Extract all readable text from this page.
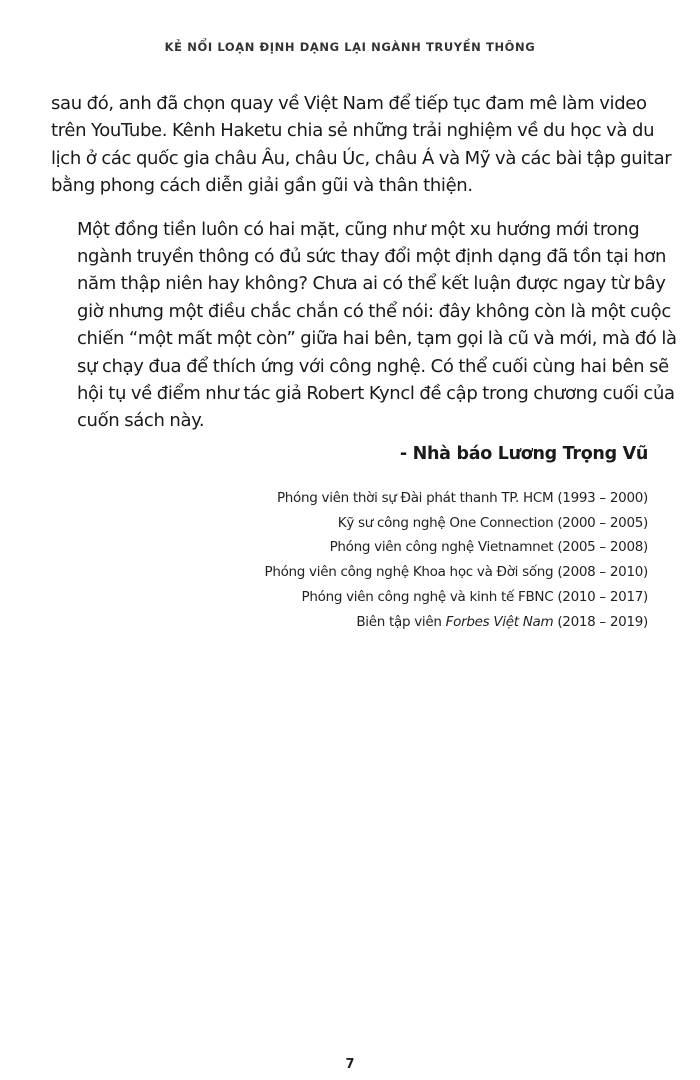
KẺ NỔI LOẠN ĐỊNH DẠNG LẠI NGÀNH TRUYỀN THÔNG

sau đó, anh đã chọn quay về Việt Nam để tiếp tục đam mê làm video
trên YouTube. Kênh Haketu chia sẻ những trải nghiệm về du học và du
lịch ở các quốc gia châu Âu, châu Úc, châu Á và Mỹ và các bài tập guitar
bằng phong cách diễn giải gần gũi và thân thiện.

Một đồng tiền luôn có hai mặt, cũng như một xu hướng mới trong
ngành truyền thông có đủ sức thay đổi một định dạng đã tồn tại hơn
năm thập niên hay không? Chưa ai có thể kết luận được ngay từ bây
giờ nhưng một điều chắc chắn có thể nói: đây không còn là một cuộc
chiến “một mất một còn” giữa hai bên, tạm gọi là cũ và mới, mà đó là
sự chạy đua để thích ứng với công nghệ. Có thể cuối cùng hai bên sẽ
hội tụ về điểm như tác giả Robert Kyncl đề cập trong chương cuối của
cuốn sách này.

- Nhà báo Lương Trọng Vũ
Phóng viên thời sự Đài phát thanh TP. HCM (1993 – 2000)
Kỹ sư công nghệ One Connection (2000 – 2005)
Phóng viên công nghệ Vietnamnet (2005 – 2008)
Phóng viên công nghệ Khoa học và Đời sống (2008 – 2010)
Phóng viên công nghệ và kinh tế FBNC (2010 – 2017)
Biên tập viên Forbes Việt Nam (2018 – 2019)
7
